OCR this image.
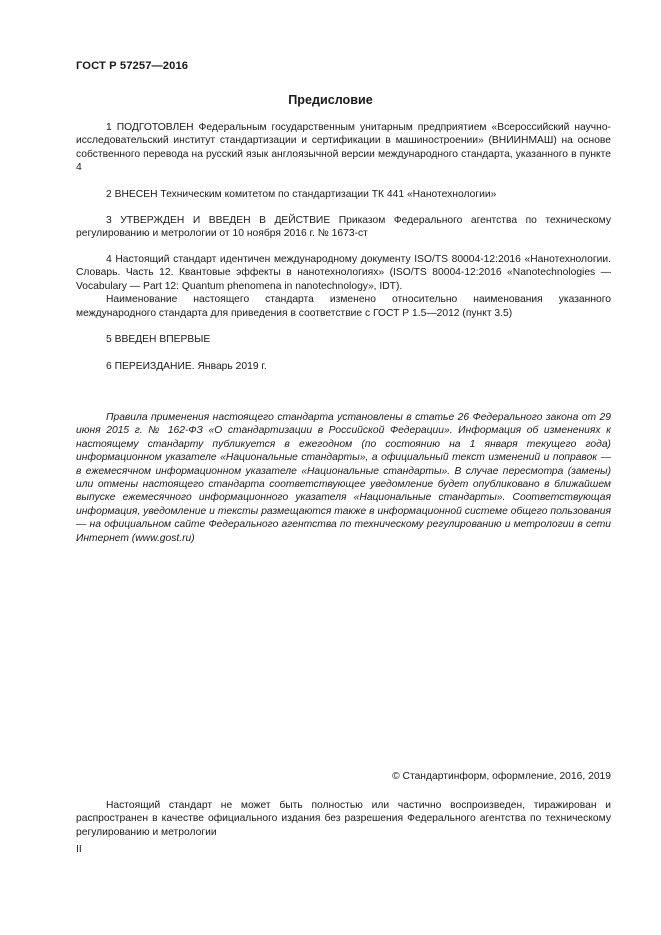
ГОСТ Р 57257—2016
Предисловие

1 ПОДГОТОВЛЕН Федеральным государственным унитарным предприятием «Всероссийский научно-исследовательский институт стандартизации и сертификации в машиностроении» (ВНИИНМАШ) на основе собственного перевода на русский язык англоязычной версии международного стандарта, указанного в пункте 4

2 ВНЕСЕН Техническим комитетом по стандартизации ТК 441 «Нанотехнологии»

3 УТВЕРЖДЕН И ВВЕДЕН В ДЕЙСТВИЕ Приказом Федерального агентства по техническому регулированию и метрологии от 10 ноября 2016 г. № 1673-ст

4 Настоящий стандарт идентичен международному документу ISO/TS 80004-12:2016 «Нанотехнологии. Словарь. Часть 12. Квантовые эффекты в нанотехнологиях» (ISO/TS 80004-12:2016 «Nanotechnologies — Vocabulary — Part 12: Quantum phenomena in nanotechnology», IDT).

Наименование настоящего стандарта изменено относительно наименования указанного международного стандарта для приведения в соответствие с ГОСТ Р 1.5—2012 (пункт 3.5)

5 ВВЕДЕН ВПЕРВЫЕ

6 ПЕРЕИЗДАНИЕ. Январь 2019 г.

Правила применения настоящего стандарта установлены в статье 26 Федерального закона от 29 июня 2015 г. № 162-ФЗ «О стандартизации в Российской Федерации». Информация об изменениях к настоящему стандарту публикуется в ежегодном (по состоянию на 1 января текущего года) информационном указателе «Национальные стандарты», а официальный текст изменений и поправок — в ежемесячном информационном указателе «Национальные стандарты». В случае пересмотра (замены) или отмены настоящего стандарта соответствующее уведомление будет опубликовано в ближайшем выпуске ежемесячного информационного указателя «Национальные стандарты». Соответствующая информация, уведомление и тексты размещаются также в информационной системе общего пользования — на официальном сайте Федерального агентства по техническому регулированию и метрологии в сети Интернет (www.gost.ru)

© Стандартинформ, оформление, 2016, 2019

Настоящий стандарт не может быть полностью или частично воспроизведен, тиражирован и распространен в качестве официального издания без разрешения Федерального агентства по техническому регулированию и метрологии

II
